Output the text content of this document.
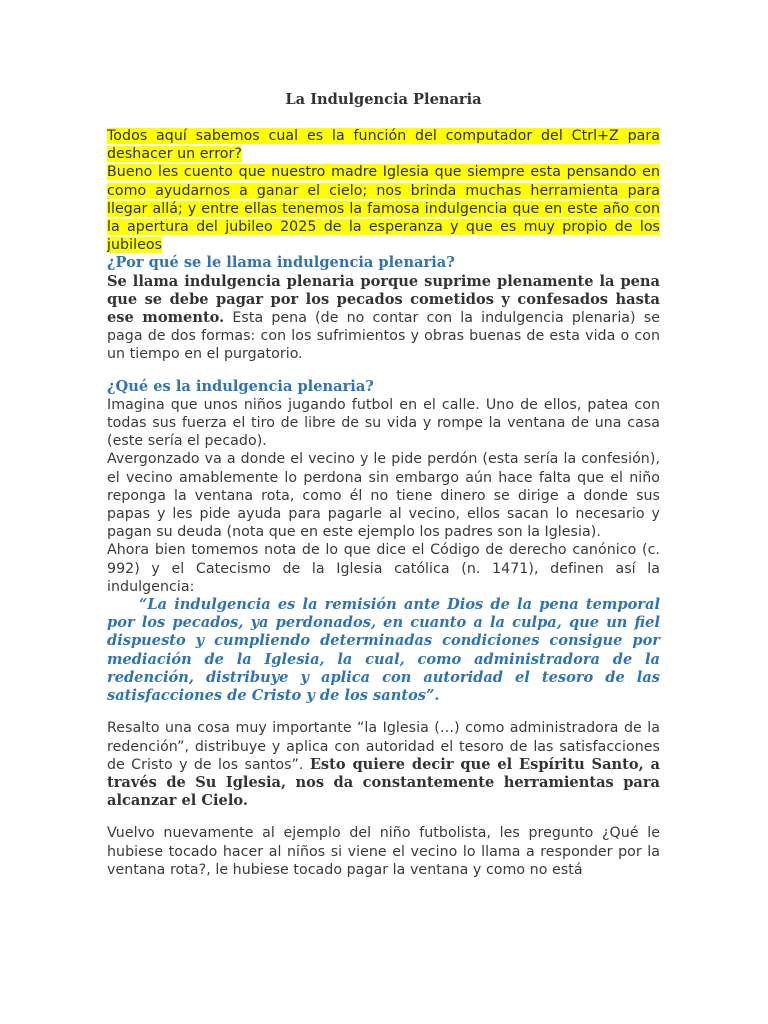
La Indulgencia Plenaria

Todos aquí sabemos cual es la función del computador del Ctrl+Z para deshacer un error?
Bueno les cuento que nuestro madre Iglesia que siempre esta pensando en como ayudarnos a ganar el cielo; nos brinda muchas herramienta para llegar allá; y entre ellas tenemos la famosa indulgencia que en este año con la apertura del jubileo 2025 de la esperanza y que es muy propio de los jubileos

¿Por qué se le llama indulgencia plenaria?

Se llama indulgencia plenaria porque suprime plenamente la pena que se debe pagar por los pecados cometidos y confesados hasta ese momento. Esta pena (de no contar con la indulgencia plenaria) se paga de dos formas: con los sufrimientos y obras buenas de esta vida o con un tiempo en el purgatorio.

¿Qué es la indulgencia plenaria?

Imagina que unos niños jugando futbol en el calle. Uno de ellos, patea con todas sus fuerza el tiro de libre de su vida y rompe la ventana de una casa (este sería el pecado).

Avergonzado va a donde el vecino y le pide perdón (esta sería la confesión), el vecino amablemente lo perdona sin embargo aún hace falta que el niño reponga la ventana rota, como él no tiene dinero se dirige a donde sus papas y les pide ayuda para pagarle al vecino, ellos sacan lo necesario y pagan su deuda (nota que en este ejemplo los padres son la Iglesia).

Ahora bien tomemos nota de lo que dice el Código de derecho canónico (c. 992) y el Catecismo de la Iglesia católica (n. 1471), definen así la indulgencia:

“La indulgencia es la remisión ante Dios de la pena temporal por los pecados, ya perdonados, en cuanto a la culpa, que un fiel dispuesto y cumpliendo determinadas condiciones consigue por mediación de la Iglesia, la cual, como administradora de la redención, distribuye y aplica con autoridad el tesoro de las satisfacciones de Cristo y de los santos”.

Resalto una cosa muy importante “la Iglesia (…) como administradora de la redención”, distribuye y aplica con autoridad el tesoro de las satisfacciones de Cristo y de los santos”. Esto quiere decir que el Espíritu Santo, a través de Su Iglesia, nos da constantemente herramientas para alcanzar el Cielo.

Vuelvo nuevamente al ejemplo del niño futbolista, les pregunto ¿Qué le hubiese tocado hacer al niños si viene el vecino lo llama a responder por la ventana rota?, le hubiese tocado pagar la ventana y como no está
